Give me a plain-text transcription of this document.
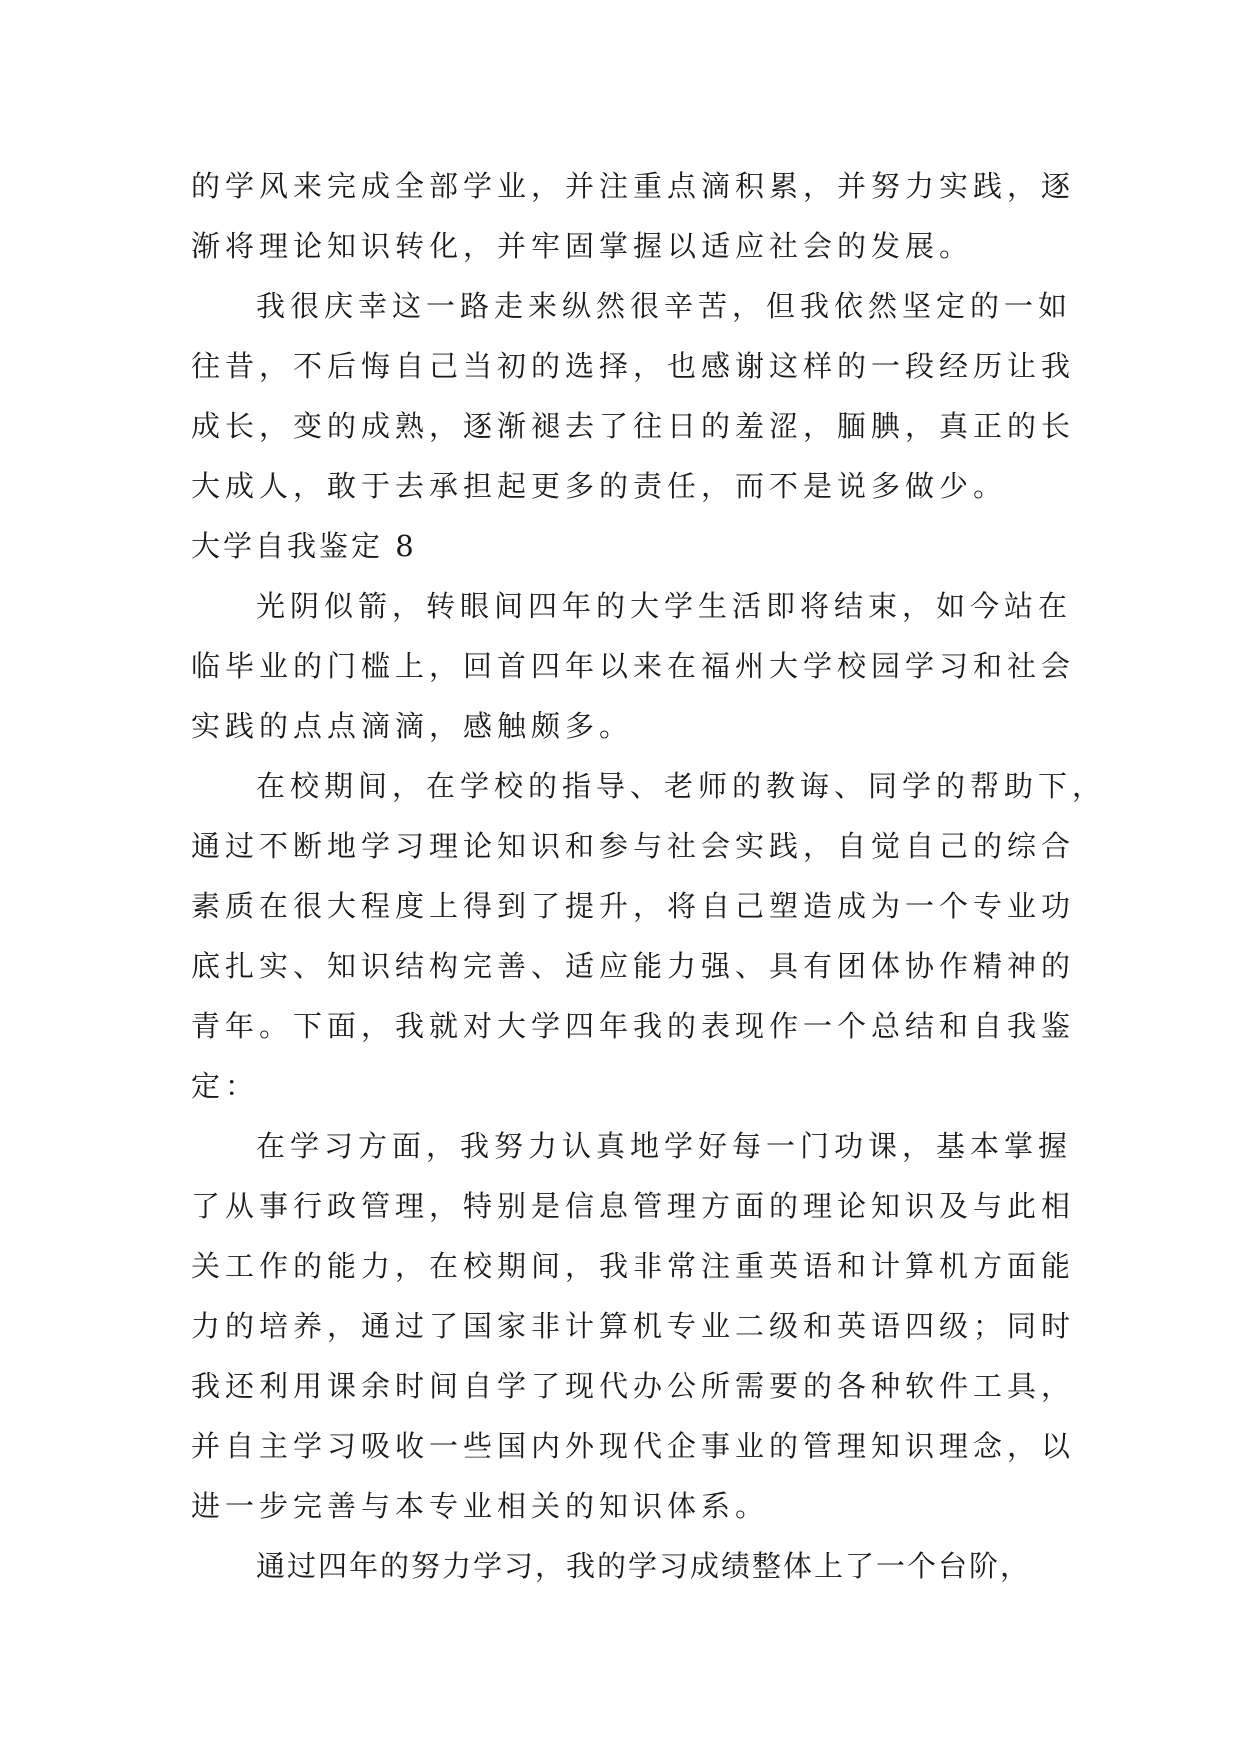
的学风来完成全部学业，并注重点滴积累，并努力实践，逐
渐将理论知识转化，并牢固掌握以适应社会的发展。
我很庆幸这一路走来纵然很辛苦，但我依然坚定的一如
往昔，不后悔自己当初的选择，也感谢这样的一段经历让我
成长，变的成熟，逐渐褪去了往日的羞涩，腼腆，真正的长
大成人，敢于去承担起更多的责任，而不是说多做少。
大学自我鉴定 8
光阴似箭，转眼间四年的大学生活即将结束，如今站在
临毕业的门槛上，回首四年以来在福州大学校园学习和社会
实践的点点滴滴，感触颇多。
在校期间，在学校的指导、老师的教诲、同学的帮助下，
通过不断地学习理论知识和参与社会实践，自觉自己的综合
素质在很大程度上得到了提升，将自己塑造成为一个专业功
底扎实、知识结构完善、适应能力强、具有团体协作精神的
青年。下面，我就对大学四年我的表现作一个总结和自我鉴
定：
在学习方面，我努力认真地学好每一门功课，基本掌握
了从事行政管理，特别是信息管理方面的理论知识及与此相
关工作的能力，在校期间，我非常注重英语和计算机方面能
力的培养，通过了国家非计算机专业二级和英语四级；同时
我还利用课余时间自学了现代办公所需要的各种软件工具，
并自主学习吸收一些国内外现代企事业的管理知识理念，以
进一步完善与本专业相关的知识体系。
通过四年的努力学习，我的学习成绩整体上了一个台阶，
